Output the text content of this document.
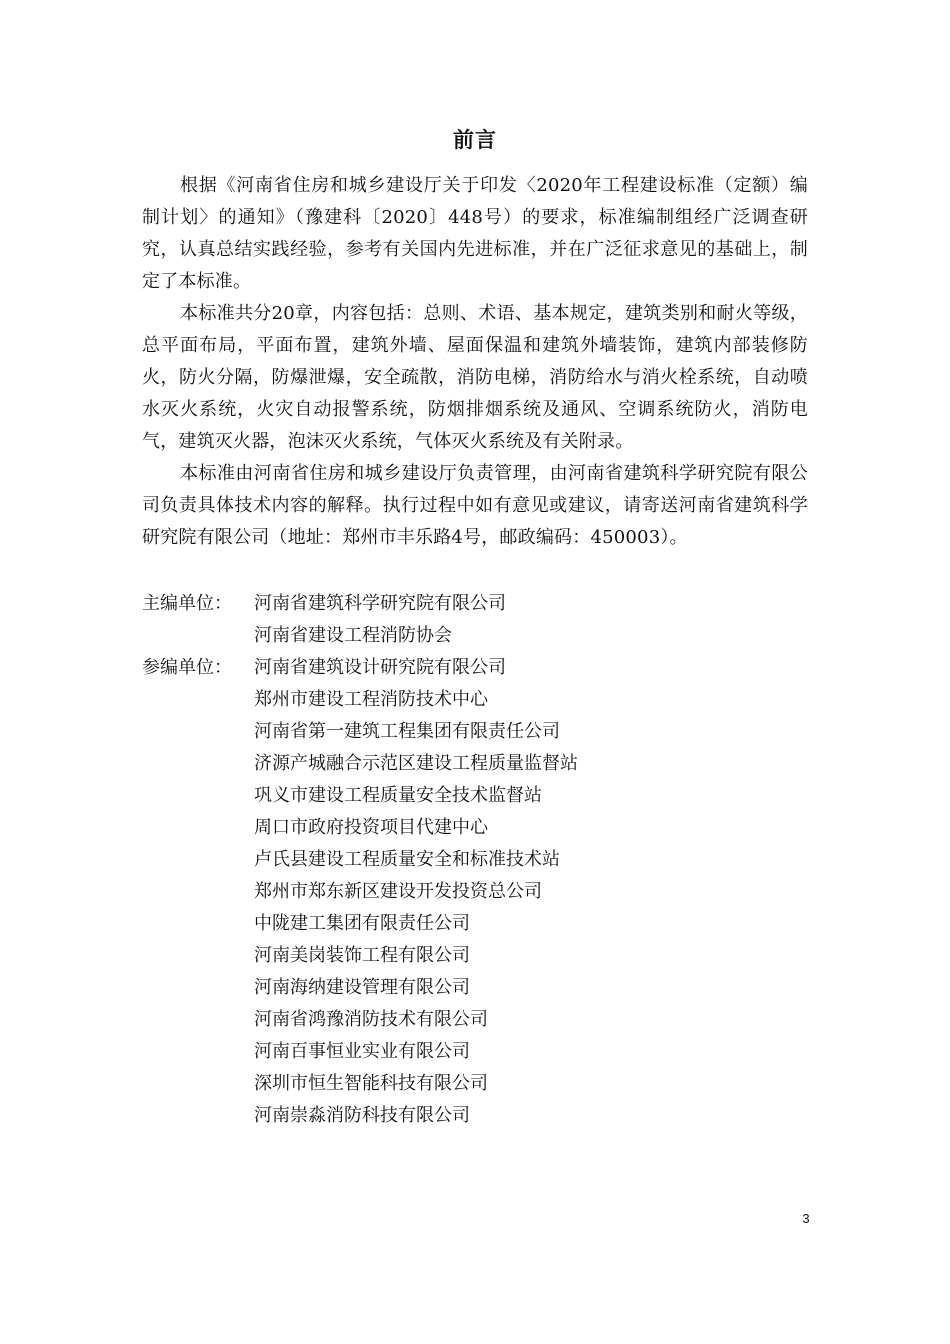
前言

根据《河南省住房和城乡建设厅关于印发〈2020年工程建设标准（定额）编制计划〉的通知》（豫建科〔2020〕448号）的要求，标准编制组经广泛调查研究，认真总结实践经验，参考有关国内先进标准，并在广泛征求意见的基础上，制定了本标准。

本标准共分20章，内容包括：总则、术语、基本规定，建筑类别和耐火等级，总平面布局，平面布置，建筑外墙、屋面保温和建筑外墙装饰，建筑内部装修防火，防火分隔，防爆泄爆，安全疏散，消防电梯，消防给水与消火栓系统，自动喷水灭火系统，火灾自动报警系统，防烟排烟系统及通风、空调系统防火，消防电气，建筑灭火器，泡沫灭火系统，气体灭火系统及有关附录。

本标准由河南省住房和城乡建设厅负责管理，由河南省建筑科学研究院有限公司负责具体技术内容的解释。执行过程中如有意见或建议，请寄送河南省建筑科学研究院有限公司（地址：郑州市丰乐路4号，邮政编码：450003）。

主编单位：	河南省建筑科学研究院有限公司
河南省建设工程消防协会
参编单位：	河南省建筑设计研究院有限公司
郑州市建设工程消防技术中心
河南省第一建筑工程集团有限责任公司
济源产城融合示范区建设工程质量监督站
巩义市建设工程质量安全技术监督站
周口市政府投资项目代建中心
卢氏县建设工程质量安全和标准技术站
郑州市郑东新区建设开发投资总公司
中陇建工集团有限责任公司
河南美岗装饰工程有限公司
河南海纳建设管理有限公司
河南省鸿豫消防技术有限公司
河南百事恒业实业有限公司
深圳市恒生智能科技有限公司
河南崇淼消防科技有限公司
3
